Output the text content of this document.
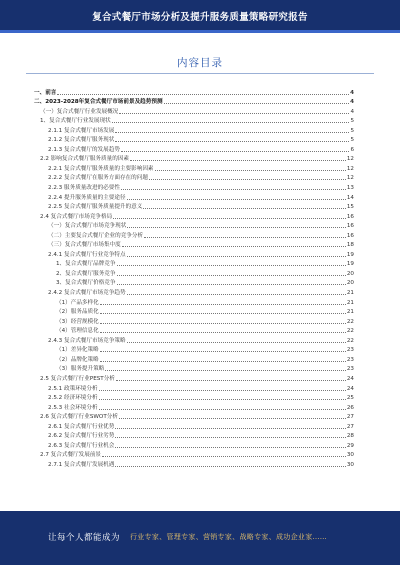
复合式餐厅市场分析及提升服务质量策略研究报告
内容目录
一、前言	4
二、2023-2028年复合式餐厅市场前景及趋势预测	4
（一）复合式餐厅行业发展概况	4
1、复合式餐厅行业发展现状	5
2.1.1 复合式餐厅市场发展	5
2.1.2 复合式餐厅服务现状	5
2.1.3 复合式餐厅的发展趋势	6
2.2 影响复合式餐厅服务质量的因素	12
2.2.1 复合式餐厅服务质量的主要影响因素	12
2.2.2 复合式餐厅在服务方面存在的问题	12
2.2.3 服务质量改进的必要性	13
2.2.4 提升服务质量的主要途径	14
2.2.5 复合式餐厅服务质量提升的意义	15
2.4 复合式餐厅市场竞争格局	16
（一）复合式餐厅市场竞争现状	16
（二）主要复合式餐厅企业的竞争分析	16
（三）复合式餐厅市场集中度	18
2.4.1 复合式餐厅行业竞争特点	19
1、复合式餐厅品牌竞争	19
2、复合式餐厅服务竞争	20
3、复合式餐厅价格竞争	20
2.4.2 复合式餐厅市场竞争趋势	21
（1）产品多样化	21
（2）服务品质化	21
（3）经营规模化	22
（4）管理信息化	22
2.4.3 复合式餐厅市场竞争策略	22
（1）差异化策略	23
（2）品牌化策略	23
（3）服务提升策略	23
2.5 复合式餐厅行业PEST分析	24
2.5.1 政策环境分析	24
2.5.2 经济环境分析	25
2.5.3 社会环境分析	26
2.6 复合式餐厅行业SWOT分析	27
2.6.1 复合式餐厅行业优势	27
2.6.2 复合式餐厅行业劣势	28
2.6.3 复合式餐厅行业机会	29
2.7 复合式餐厅发展前景	30
2.7.1 复合式餐厅发展机遇	30
让每个人都能成为 行业专家、管理专家、营销专家、战略专家、成功企业家……
